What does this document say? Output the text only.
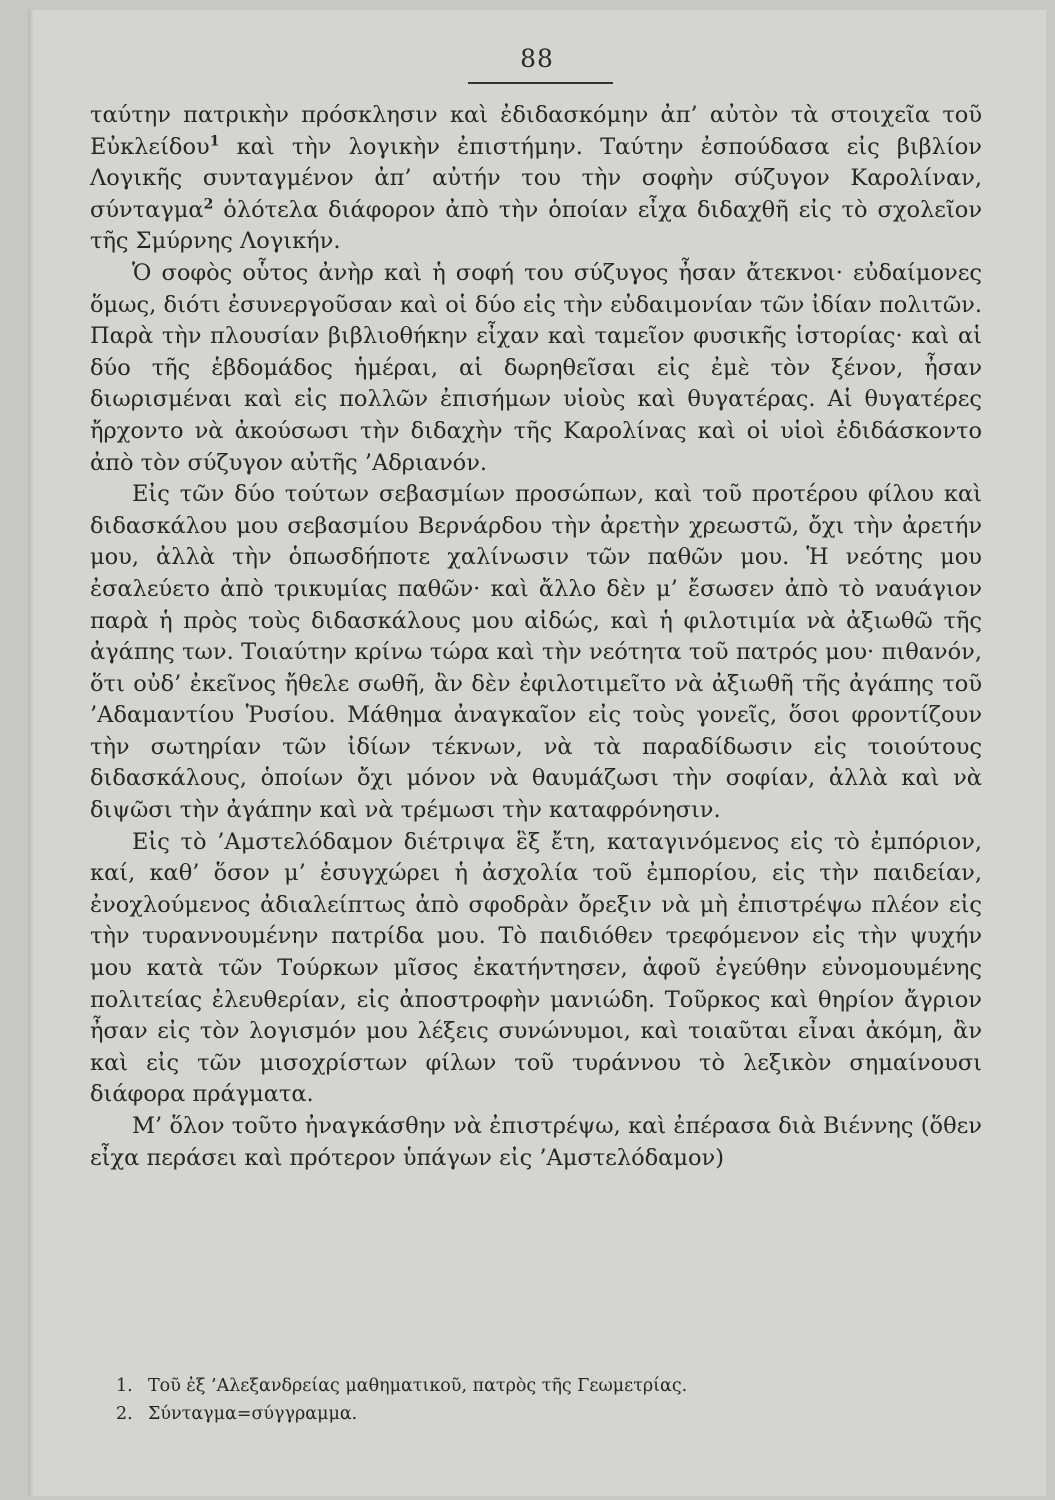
88

ταύτην πατρικὴν πρόσκλησιν καὶ ἐδιδασκόμην ἀπ’ αὐτὸν τὰ στοιχεῖα τοῦ Εὐκλείδου$^1$ καὶ τὴν λογικὴν ἐπιστήμην. Ταύτην ἐσπούδασα εἰς βιβλίον Λογικῆς συνταγμένον ἀπ’ αὐτήν του τὴν σοφὴν σύζυγον Καρολίναν, σύνταγμα$^2$ ὁλότελα διάφορον ἀπὸ τὴν ὁποίαν εἶχα διδαχθῆ εἰς τὸ σχολεῖον τῆς Σμύρνης Λογικήν.

Ὁ σοφὸς οὗτος ἀνὴρ καὶ ἡ σοφή του σύζυγος ἦσαν ἄτεκνοι· εὐδαίμονες ὅμως, διότι ἐσυνεργοῦσαν καὶ οἱ δύο εἰς τὴν εὐδαιμονίαν τῶν ἰδίαν πολιτῶν. Παρὰ τὴν πλουσίαν βιβλιοθήκην εἶχαν καὶ ταμεῖον φυσικῆς ἱστορίας· καὶ αἱ δύο τῆς ἑβδομάδος ἡμέραι, αἱ δωρηθεῖσαι εἰς ἐμὲ τὸν ξένον, ἦσαν διωρισμέναι καὶ εἰς πολλῶν ἐπισήμων υἱοὺς καὶ θυγατέρας. Αἱ θυγατέρες ἤρχοντο νὰ ἀκούσωσι τὴν διδαχὴν τῆς Καρολίνας καὶ οἱ υἱοὶ ἐδιδάσκοντο ἀπὸ τὸν σύζυγον αὐτῆς ’Αδριανόν.

Εἰς τῶν δύο τούτων σεβασμίων προσώπων, καὶ τοῦ προτέρου φίλου καὶ διδασκάλου μου σεβασμίου Βερνάρδου τὴν ἀρετὴν χρεωστῶ, ὄχι τὴν ἀρετήν μου, ἀλλὰ τὴν ὁπωσδήποτε χαλίνωσιν τῶν παθῶν μου. Ἡ νεότης μου ἐσαλεύετο ἀπὸ τρικυμίας παθῶν· καὶ ἄλλο δὲν μ’ ἔσωσεν ἀπὸ τὸ ναυάγιον παρὰ ἡ πρὸς τοὺς διδασκάλους μου αἰδώς, καὶ ἡ φιλοτιμία νὰ ἀξιωθῶ τῆς ἀγάπης των. Τοιαύτην κρίνω τώρα καὶ τὴν νεότητα τοῦ πατρός μου· πιθανόν, ὅτι οὐδ’ ἐκεῖνος ἤθελε σωθῆ, ἂν δὲν ἐφιλοτιμεῖτο νὰ ἀξιωθῆ τῆς ἀγάπης τοῦ ’Αδαμαντίου Ῥυσίου. Μάθημα ἀναγκαῖον εἰς τοὺς γονεῖς, ὅσοι φροντίζουν τὴν σωτηρίαν τῶν ἰδίων τέκνων, νὰ τὰ παραδίδωσιν εἰς τοιούτους διδασκάλους, ὁποίων ὄχι μόνον νὰ θαυμάζωσι τὴν σοφίαν, ἀλλὰ καὶ νὰ διψῶσι τὴν ἀγάπην καὶ νὰ τρέμωσι τὴν καταφρόνησιν.

Εἰς τὸ ’Αμστελόδαμον διέτριψα ἓξ ἔτη, καταγινόμενος εἰς τὸ ἐμπόριον, καί, καθ’ ὅσον μ’ ἐσυγχώρει ἡ ἀσχολία τοῦ ἐμπορίου, εἰς τὴν παιδείαν, ἐνοχλούμενος ἀδιαλείπτως ἀπὸ σφοδρὰν ὄρεξιν νὰ μὴ ἐπιστρέψω πλέον εἰς τὴν τυραννουμένην πατρίδα μου. Τὸ παιδιόθεν τρεφόμενον εἰς τὴν ψυχήν μου κατὰ τῶν Τούρκων μῖσος ἐκατήντησεν, ἀφοῦ ἐγεύθην εὐνομουμένης πολιτείας ἐλευθερίαν, εἰς ἀποστροφὴν μανιώδη. Τοῦρκος καὶ θηρίον ἄγριον ἦσαν εἰς τὸν λογισμόν μου λέξεις συνώνυμοι, καὶ τοιαῦται εἶναι ἀκόμη, ἂν καὶ εἰς τῶν μισοχρίστων φίλων τοῦ τυράννου τὸ λεξικὸν σημαίνουσι διάφορα πράγματα.

Μ’ ὅλον τοῦτο ἠναγκάσθην νὰ ἐπιστρέψω, καὶ ἐπέρασα διὰ Βιέννης (ὅθεν εἶχα περάσει καὶ πρότερον ὑπάγων εἰς ’Αμστελόδαμον)

1. Τοῦ ἐξ ’Αλεξανδρείας μαθηματικοῦ, πατρὸς τῆς Γεωμετρίας.
2. Σύνταγμα=σύγγραμμα.
